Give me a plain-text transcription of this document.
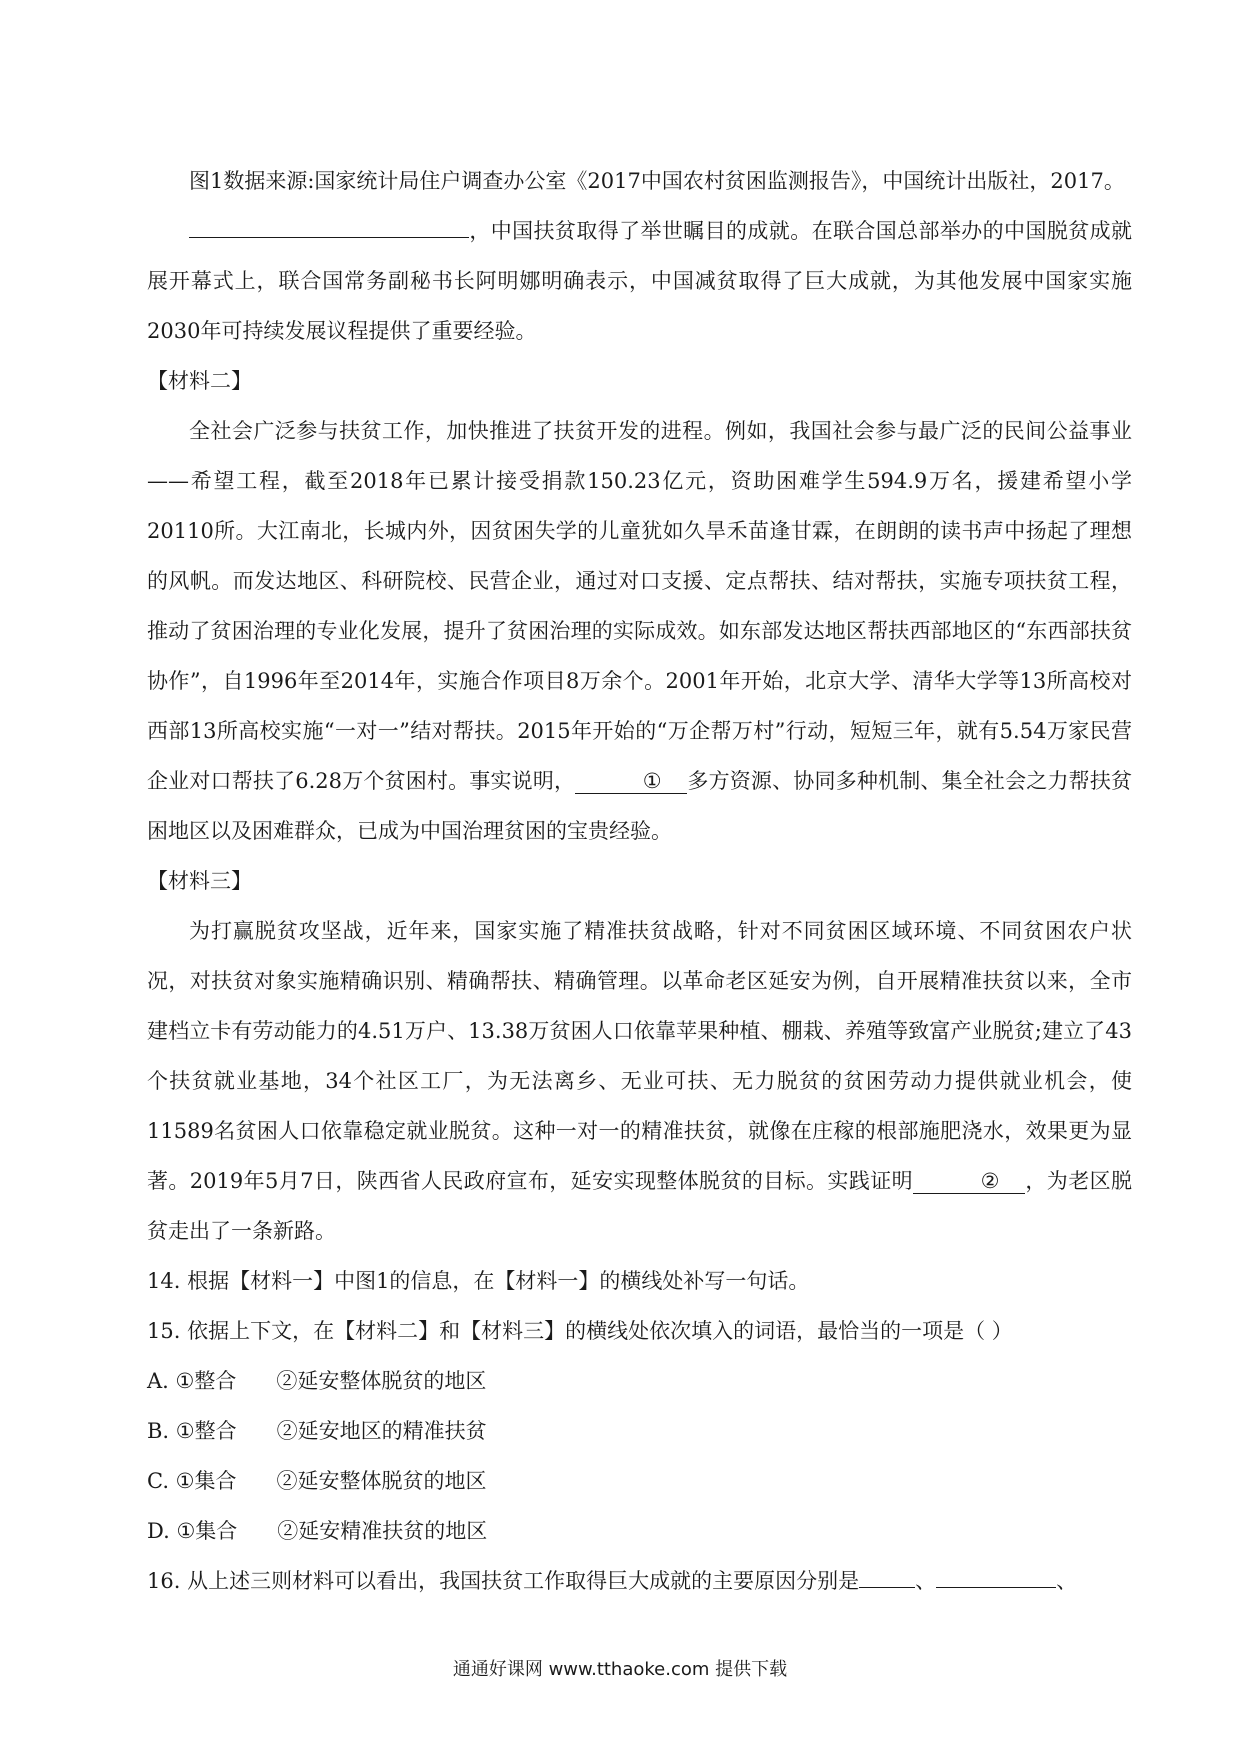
图1数据来源:国家统计局住户调查办公室《2017中国农村贫困监测报告》，中国统计出版社，2017。

，中国扶贫取得了举世瞩目的成就。在联合国总部举办的中国脱贫成就展开幕式上，联合国常务副秘书长阿明娜明确表示，中国减贫取得了巨大成就，为其他发展中国家实施2030年可持续发展议程提供了重要经验。

【材料二】

全社会广泛参与扶贫工作，加快推进了扶贫开发的进程。例如，我国社会参与最广泛的民间公益事业——希望工程，截至2018年已累计接受捐款150.23亿元，资助困难学生594.9万名，援建希望小学20110所。大江南北，长城内外，因贫困失学的儿童犹如久旱禾苗逢甘霖，在朗朗的读书声中扬起了理想的风帆。而发达地区、科研院校、民营企业，通过对口支援、定点帮扶、结对帮扶，实施专项扶贫工程，推动了贫困治理的专业化发展，提升了贫困治理的实际成效。如东部发达地区帮扶西部地区的“东西部扶贫协作”，自1996年至2014年，实施合作项目8万余个。2001年开始，北京大学、清华大学等13所高校对西部13所高校实施“一对一”结对帮扶。2015年开始的“万企帮万村”行动，短短三年，就有5.54万家民营企业对口帮扶了6.28万个贫困村。事实说明，	① 多方资源、协同多种机制、集全社会之力帮扶贫困地区以及困难群众，已成为中国治理贫困的宝贵经验。

【材料三】

为打赢脱贫攻坚战，近年来，国家实施了精准扶贫战略，针对不同贫困区域环境、不同贫困农户状况，对扶贫对象实施精确识别、精确帮扶、精确管理。以革命老区延安为例，自开展精准扶贫以来，全市建档立卡有劳动能力的4.51万户、13.38万贫困人口依靠苹果种植、棚栽、养殖等致富产业脱贫;建立了43个扶贫就业基地，34个社区工厂，为无法离乡、无业可扶、无力脱贫的贫困劳动力提供就业机会，使11589名贫困人口依靠稳定就业脱贫。这种一对一的精准扶贫，就像在庄稼的根部施肥浇水，效果更为显著。2019年5月7日，陕西省人民政府宣布，延安实现整体脱贫的目标。实践证明	② ，为老区脱贫走出了一条新路。

14. 根据【材料一】中图1的信息，在【材料一】的横线处补写一句话。

15. 依据上下文，在【材料二】和【材料三】的横线处依次填入的词语，最恰当的一项是（ ）

A. ①整合 ②延安整体脱贫的地区

B. ①整合 ②延安地区的精准扶贫

C. ①集合 ②延安整体脱贫的地区

D. ①集合 ②延安精准扶贫的地区

16. 从上述三则材料可以看出，我国扶贫工作取得巨大成就的主要原因分别是	、	、

通通好课网 www.tthaoke.com 提供下载
